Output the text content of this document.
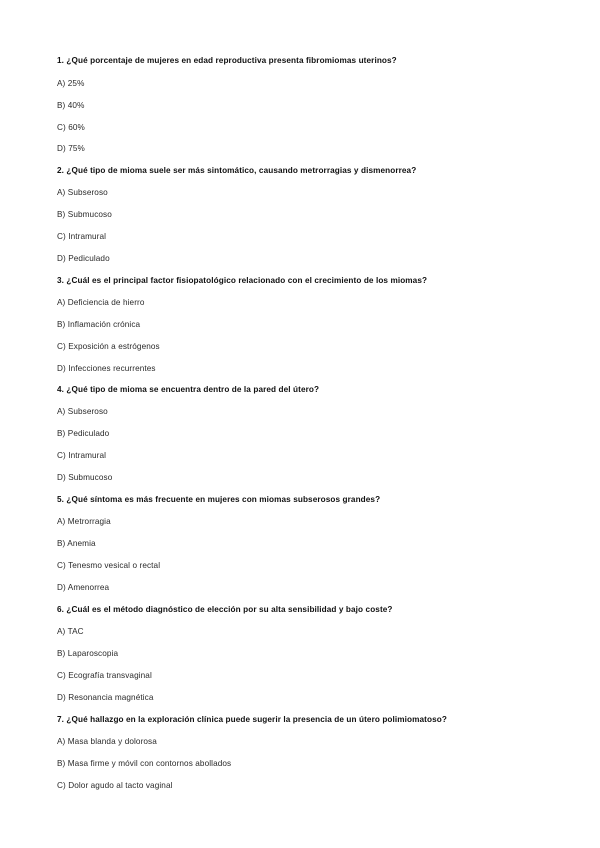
1. ¿Qué porcentaje de mujeres en edad reproductiva presenta fibromiomas uterinos?
A) 25%
B) 40%
C) 60%
D) 75%
2. ¿Qué tipo de mioma suele ser más sintomático, causando metrorragias y dismenorrea?
A) Subseroso
B) Submucoso
C) Intramural
D) Pediculado
3. ¿Cuál es el principal factor fisiopatológico relacionado con el crecimiento de los miomas?
A) Deficiencia de hierro
B) Inflamación crónica
C) Exposición a estrógenos
D) Infecciones recurrentes
4. ¿Qué tipo de mioma se encuentra dentro de la pared del útero?
A) Subseroso
B) Pediculado
C) Intramural
D) Submucoso
5. ¿Qué síntoma es más frecuente en mujeres con miomas subserosos grandes?
A) Metrorragia
B) Anemia
C) Tenesmo vesical o rectal
D) Amenorrea
6. ¿Cuál es el método diagnóstico de elección por su alta sensibilidad y bajo coste?
A) TAC
B) Laparoscopia
C) Ecografía transvaginal
D) Resonancia magnética
7. ¿Qué hallazgo en la exploración clínica puede sugerir la presencia de un útero polimiomatoso?
A) Masa blanda y dolorosa
B) Masa firme y móvil con contornos abollados
C) Dolor agudo al tacto vaginal
